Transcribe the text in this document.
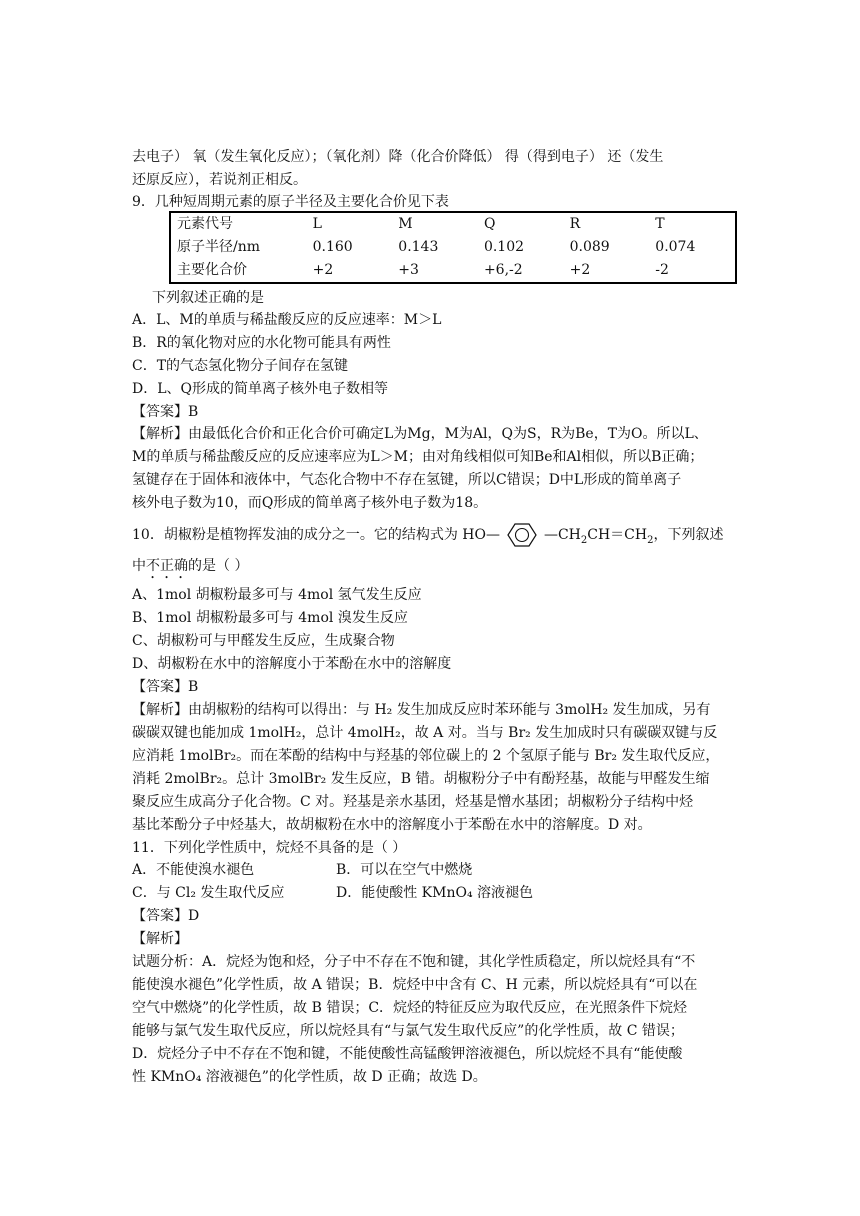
去电子） 氧（发生氧化反应）；（氧化剂）降（化合价降低） 得（得到电子） 还（发生
还原反应），若说剂正相反。
9．几种短周期元素的原子半径及主要化合价见下表
元素代号	L	M	Q	R	T
原子半径/nm	0.160	0.143	0.102	0.089	0.074
主要化合价	+2	+3	+6,-2	+2	-2
下列叙述正确的是
A．L、M的单质与稀盐酸反应的反应速率：M＞L
B．R的氧化物对应的水化物可能具有两性
C．T的气态氢化物分子间存在氢键
D．L、Q形成的简单离子核外电子数相等
【答案】B
【解析】由最低化合价和正化合价可确定L为Mg，M为Al，Q为S，R为Be，T为O。所以L、
M的单质与稀盐酸反应的反应速率应为L＞M；由对角线相似可知Be和Al相似，所以B正确；
氢键存在于固体和液体中，气态化合物中不存在氢键，所以C错误；D中L形成的简单离子
核外电子数为10，而Q形成的简单离子核外电子数为18。
10．胡椒粉是植物挥发油的成分之一。它的结构式为 HO—	$—CH_2CH=CH_2$，下列叙述
中不正确的是（ ）
A、1mol 胡椒粉最多可与 4mol 氢气发生反应
B、1mol 胡椒粉最多可与 4mol 溴发生反应
C、胡椒粉可与甲醛发生反应，生成聚合物
D、胡椒粉在水中的溶解度小于苯酚在水中的溶解度
【答案】B
【解析】由胡椒粉的结构可以得出：与 H₂ 发生加成反应时苯环能与 3molH₂ 发生加成，另有
碳碳双键也能加成 1molH₂，总计 4molH₂，故 A 对。当与 Br₂ 发生加成时只有碳碳双键与反
应消耗 1molBr₂。而在苯酚的结构中与羟基的邻位碳上的 2 个氢原子能与 Br₂ 发生取代反应，
消耗 2molBr₂。总计 3molBr₂ 发生反应，B 错。胡椒粉分子中有酚羟基，故能与甲醛发生缩
聚反应生成高分子化合物。C 对。羟基是亲水基团，烃基是憎水基团；胡椒粉分子结构中烃
基比苯酚分子中烃基大，故胡椒粉在水中的溶解度小于苯酚在水中的溶解度。D 对。
11．下列化学性质中，烷烃不具备的是（ ）
A．不能使溴水褪色	B．可以在空气中燃烧
C．与 Cl₂ 发生取代反应	D．能使酸性 KMnO₄ 溶液褪色
【答案】D
【解析】
试题分析：A．烷烃为饱和烃，分子中不存在不饱和键，其化学性质稳定，所以烷烃具有“不
能使溴水褪色”化学性质，故 A 错误；B．烷烃中中含有 C、H 元素，所以烷烃具有“可以在
空气中燃烧”的化学性质，故 B 错误；C．烷烃的特征反应为取代反应，在光照条件下烷烃
能够与氯气发生取代反应，所以烷烃具有“与氯气发生取代反应”的化学性质，故 C 错误；
D．烷烃分子中不存在不饱和键，不能使酸性高锰酸钾溶液褪色，所以烷烃不具有“能使酸
性 KMnO₄ 溶液褪色”的化学性质，故 D 正确；故选 D。
